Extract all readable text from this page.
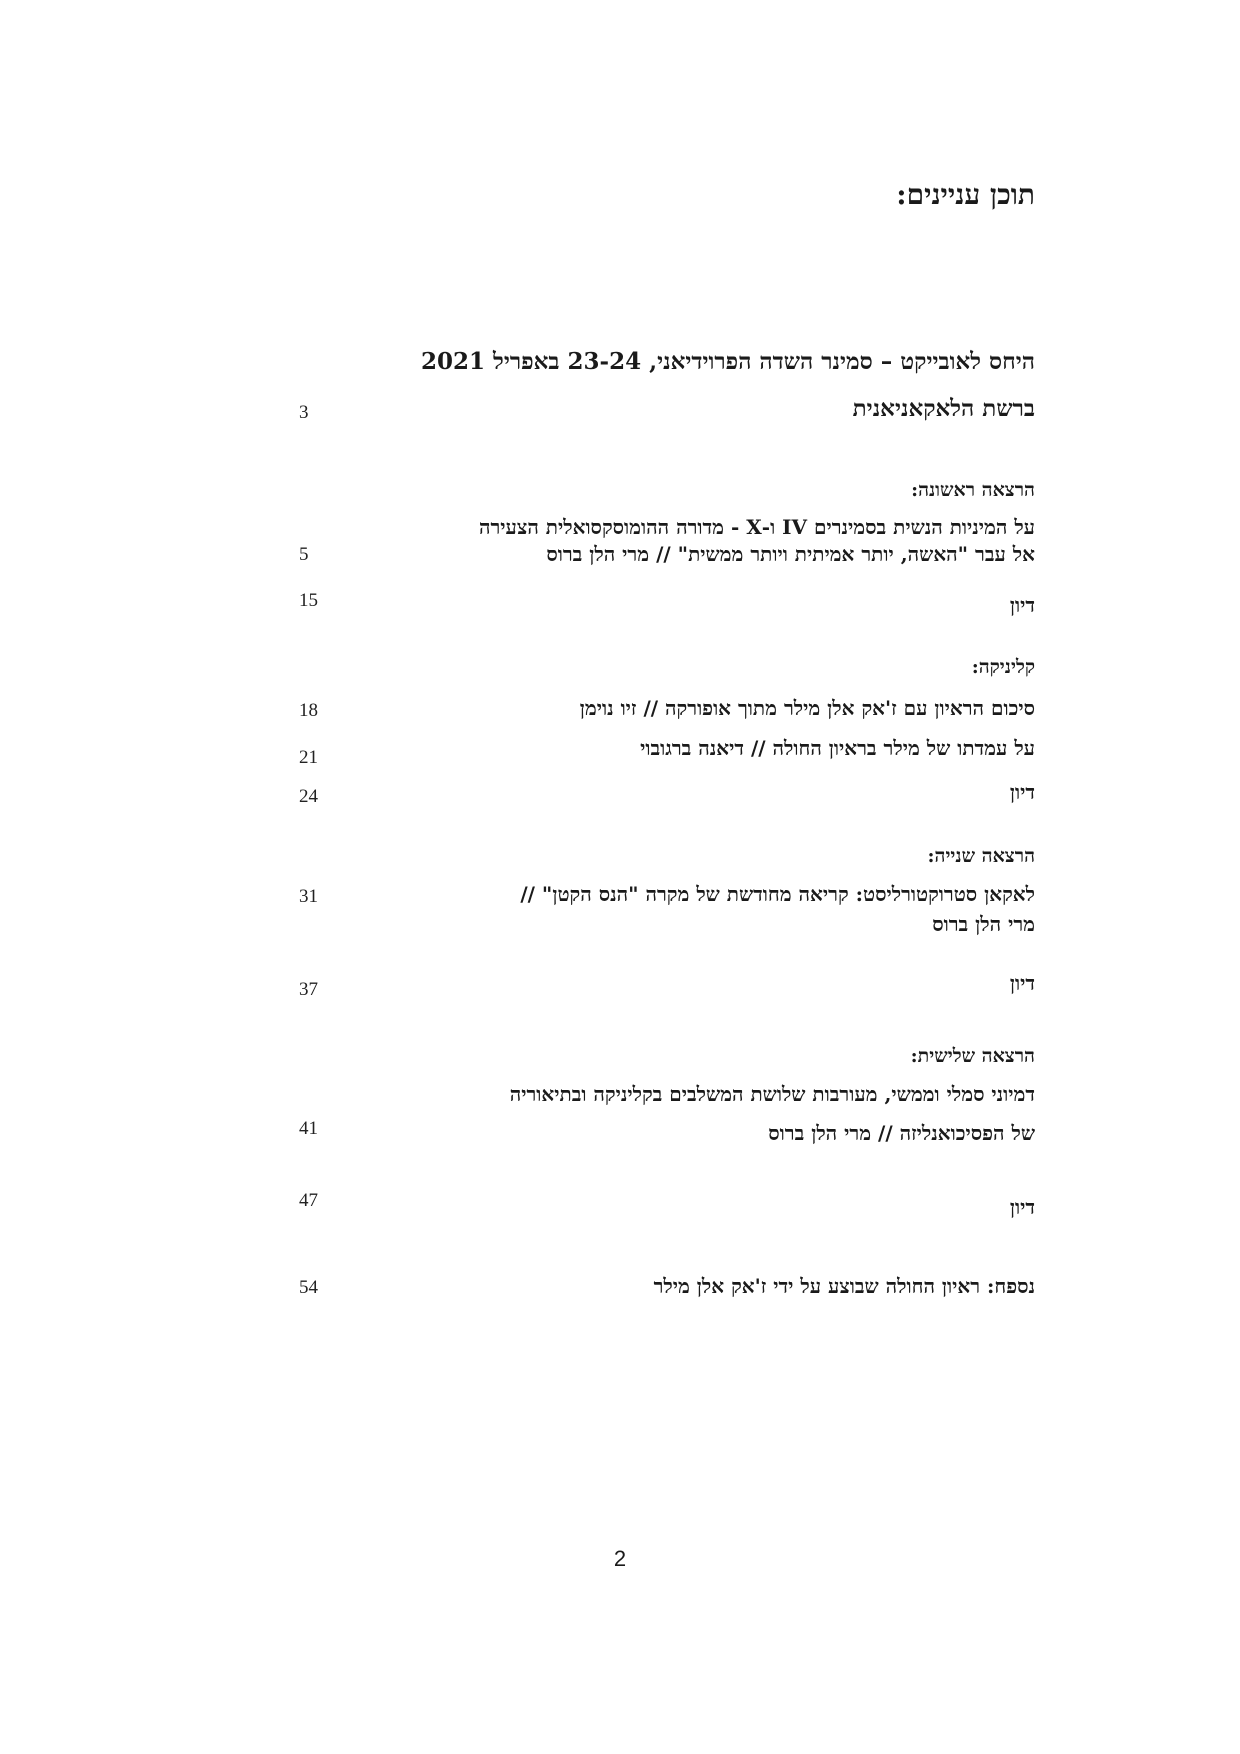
תוכן עניינים:
היחס לאובייקט – סמינר השדה הפרוידיאני, 23-24 באפריל 2021
ברשת הלאקאניאנית
3
הרצאה ראשונה:
על המיניות הנשית בסמינרים IV ו-X - מדורה ההומוסקסואלית הצעירה
אל עבר "האשה, יותר אמיתית ויותר ממשית" // מרי הלן ברוס
5
דיון
15
קליניקה:
סיכום הראיון עם ז'אק אלן מילר מתוך אופורקה // זיו נוימן
18
על עמדתו של מילר בראיון החולה // דיאנה ברגובוי
21
דיון
24
הרצאה שנייה:
לאקאן סטרוקטורליסט: קריאה מחודשת של מקרה "הנס הקטן" //
מרי הלן ברוס
31
דיון
37
הרצאה שלישית:
דמיוני סמלי וממשי, מעורבות שלושת המשלבים בקליניקה ובתיאוריה
של הפסיכואנליזה // מרי הלן ברוס
41
דיון
47
נספח: ראיון החולה שבוצע על ידי ז'אק אלן מילר
54
2
